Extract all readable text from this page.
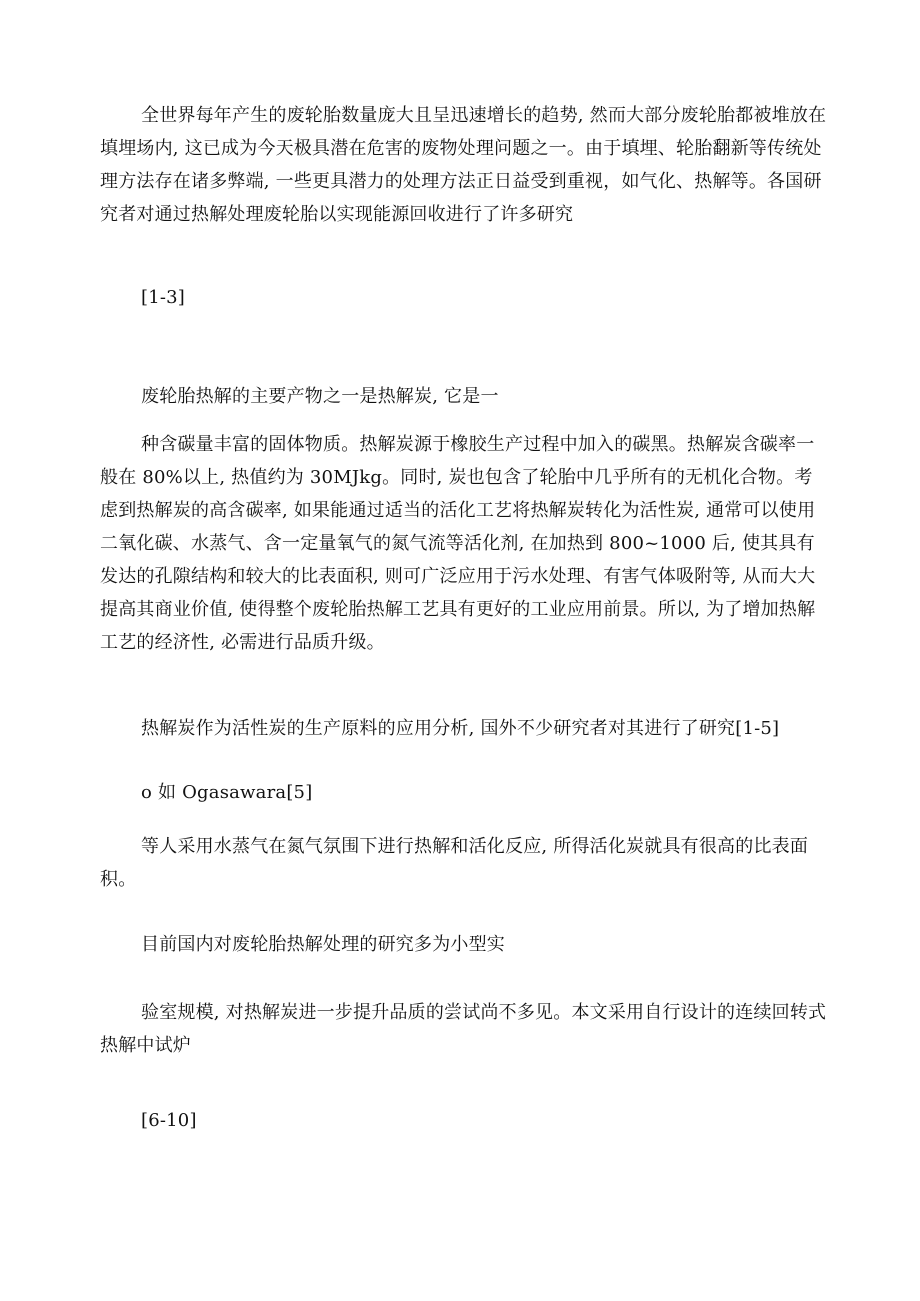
全世界每年产生的废轮胎数量庞大且呈迅速增长的趋势, 然而大部分废轮胎都被堆放在填埋场内, 这已成为今天极具潜在危害的废物处理问题之一。由于填埋、轮胎翻新等传统处理方法存在诸多弊端, 一些更具潜力的处理方法正日益受到重视，如气化、热解等。各国研究者对通过热解处理废轮胎以实现能源回收进行了许多研究

[1-3]

废轮胎热解的主要产物之一是热解炭, 它是一

种含碳量丰富的固体物质。热解炭源于橡胶生产过程中加入的碳黑。热解炭含碳率一般在 80%以上, 热值约为 30MJkg。同时, 炭也包含了轮胎中几乎所有的无机化合物。考虑到热解炭的高含碳率, 如果能通过适当的活化工艺将热解炭转化为活性炭, 通常可以使用二氧化碳、水蒸气、含一定量氧气的氮气流等活化剂, 在加热到 800~1000 后, 使其具有发达的孔隙结构和较大的比表面积, 则可广泛应用于污水处理、有害气体吸附等, 从而大大提高其商业价值, 使得整个废轮胎热解工艺具有更好的工业应用前景。所以, 为了增加热解工艺的经济性, 必需进行品质升级。

热解炭作为活性炭的生产原料的应用分析, 国外不少研究者对其进行了研究[1-5]

o 如 Ogasawara[5]

等人采用水蒸气在氮气氛围下进行热解和活化反应, 所得活化炭就具有很高的比表面积。

目前国内对废轮胎热解处理的研究多为小型实

验室规模, 对热解炭进一步提升品质的尝试尚不多见。本文采用自行设计的连续回转式热解中试炉

[6-10]
